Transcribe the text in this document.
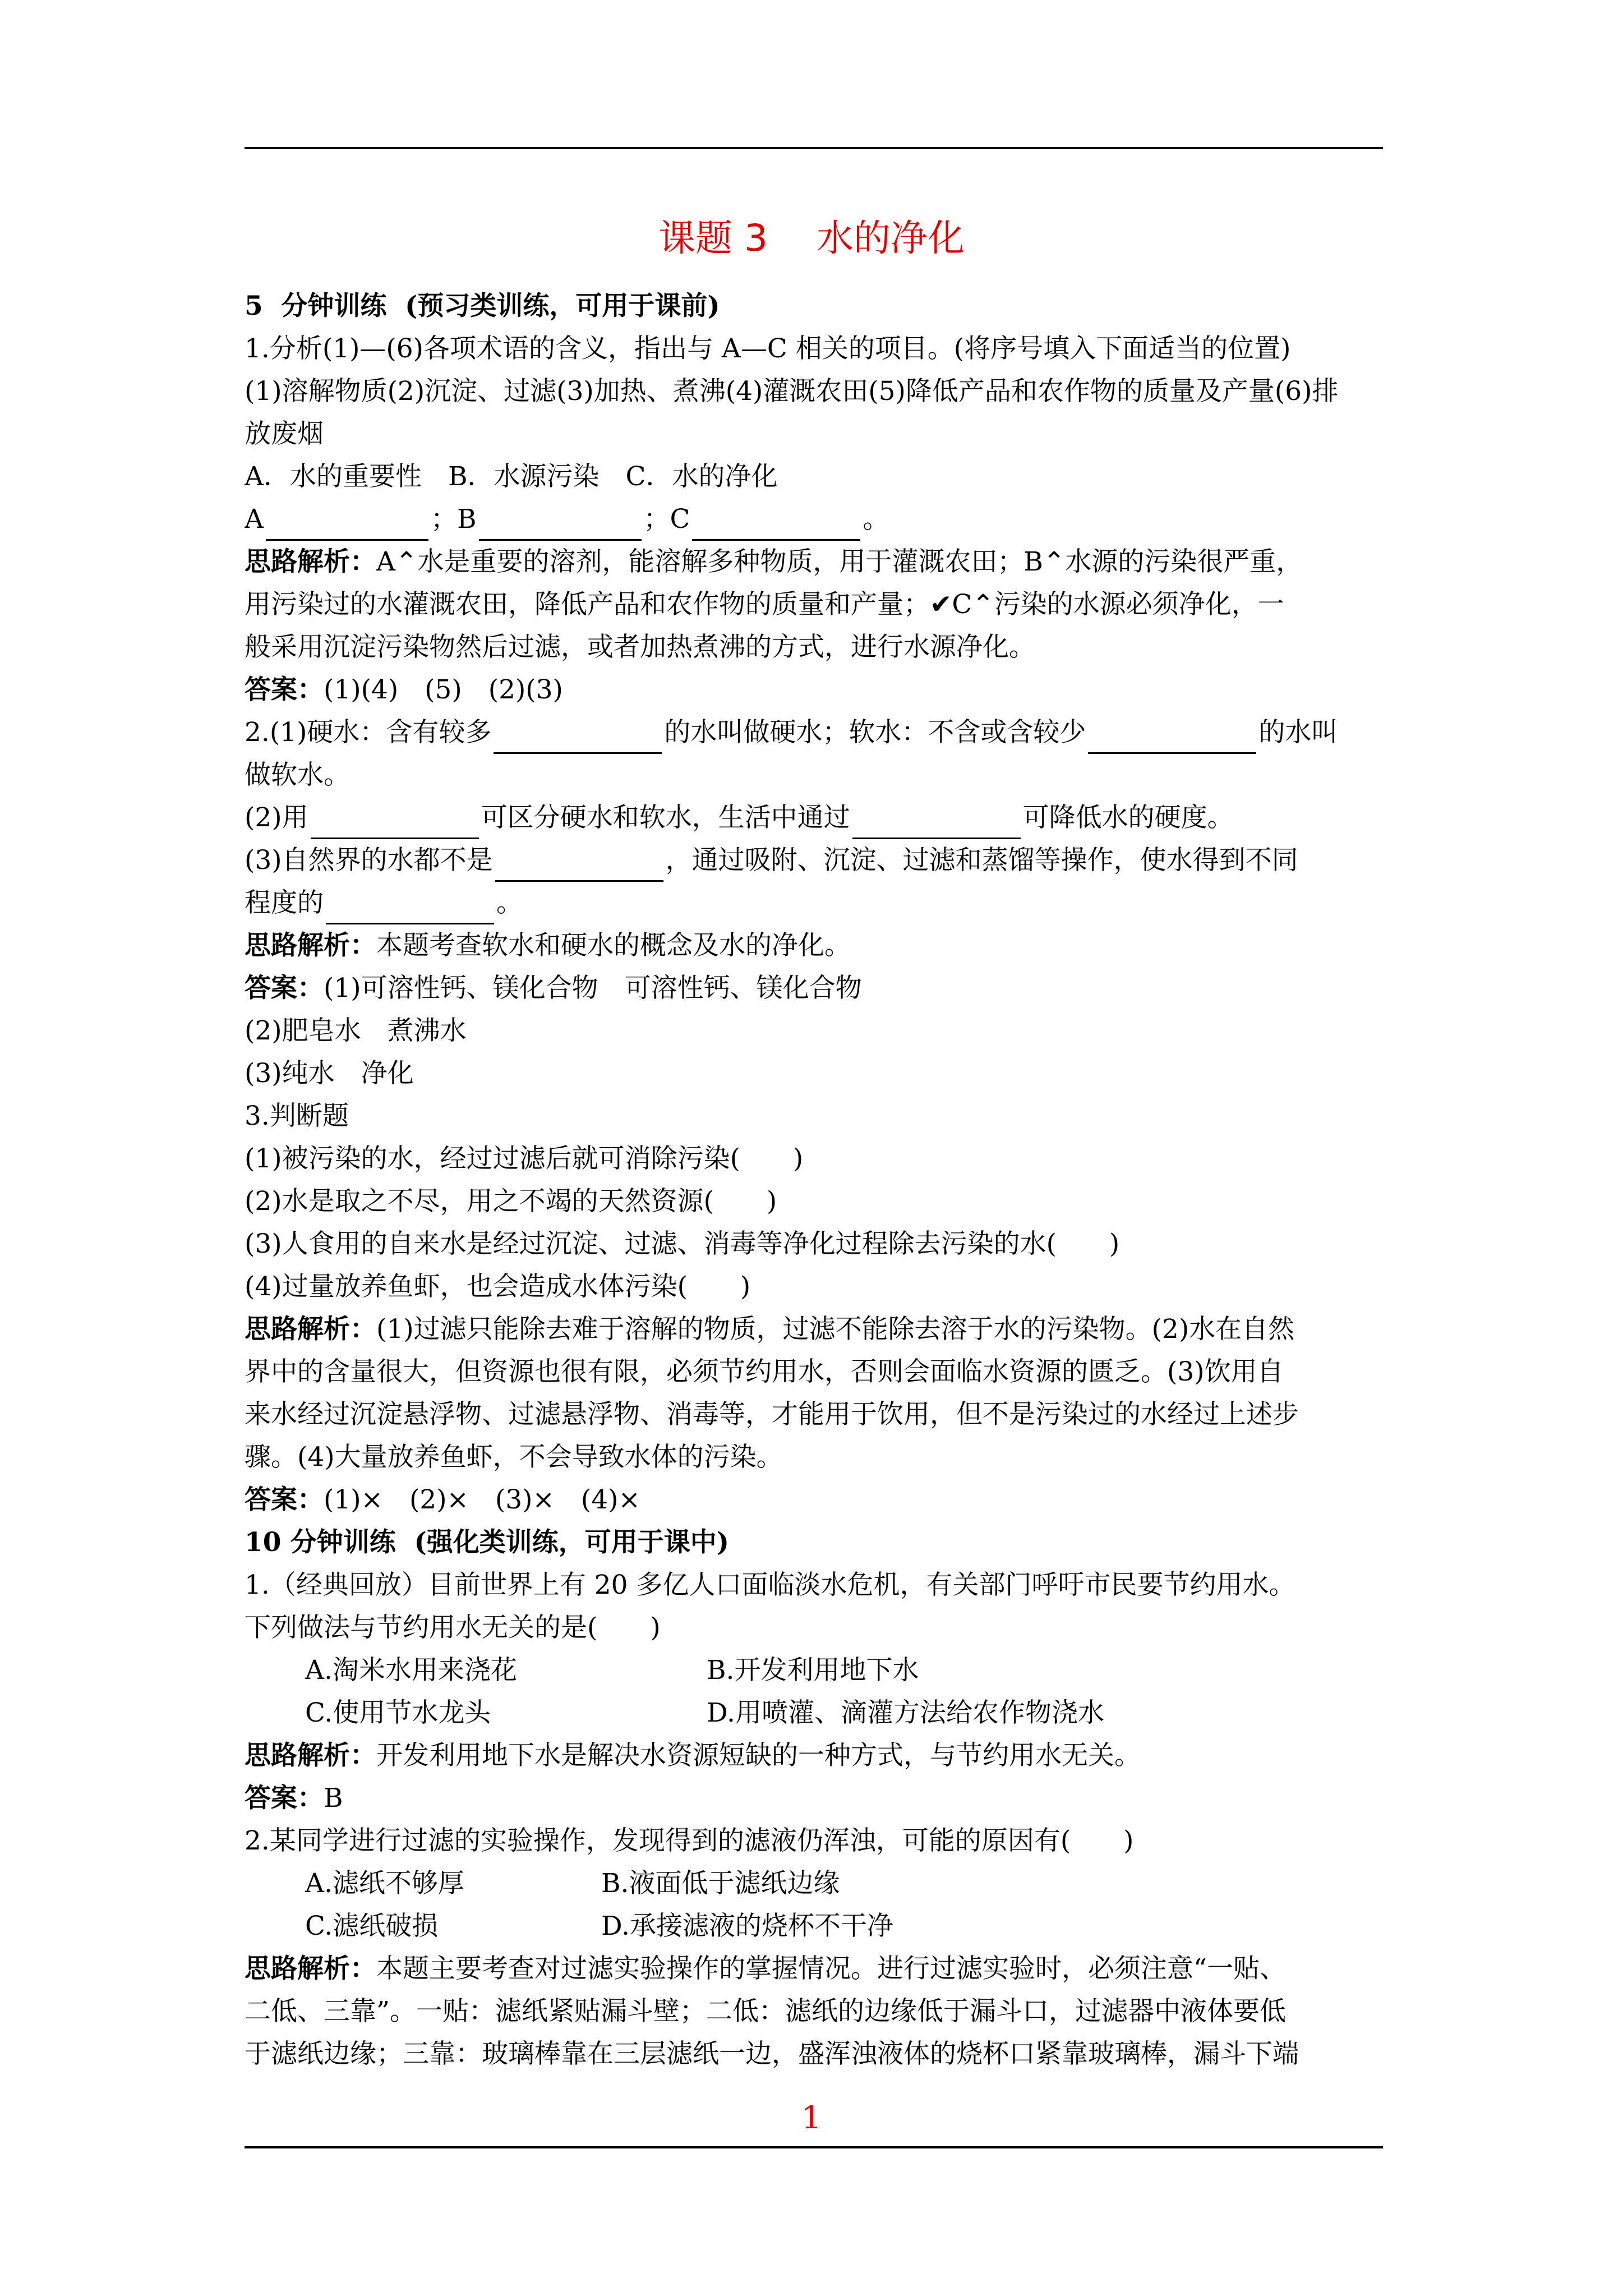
课题 3　 水的净化
5  分钟训练  (预习类训练，可用于课前)
1.分析(1)—(6)各项术语的含义，指出与 A—C 相关的项目。(将序号填入下面适当的位置)
(1)溶解物质(2)沉淀、过滤(3)加热、煮沸(4)灌溉农田(5)降低产品和农作物的质量及产量(6)排
放废烟
A．水的重要性　B．水源污染　C．水的净化
A	；B	；C	。
思路解析：A⌃水是重要的溶剂，能溶解多种物质，用于灌溉农田；B⌃水源的污染很严重，
用污染过的水灌溉农田，降低产品和农作物的质量和产量；✔C⌃污染的水源必须净化，一
般采用沉淀污染物然后过滤，或者加热煮沸的方式，进行水源净化。
答案：(1)(4)　(5)　(2)(3)
2.(1)硬水：含有较多	的水叫做硬水；软水：不含或含较少	的水叫
做软水。
(2)用	可区分硬水和软水，生活中通过	可降低水的硬度。
(3)自然界的水都不是	，通过吸附、沉淀、过滤和蒸馏等操作，使水得到不同
程度的	。
思路解析：本题考查软水和硬水的概念及水的净化。
答案：(1)可溶性钙、镁化合物　可溶性钙、镁化合物
(2)肥皂水　煮沸水
(3)纯水　净化
3.判断题
(1)被污染的水，经过过滤后就可消除污染(　　)
(2)水是取之不尽，用之不竭的天然资源(　　)
(3)人食用的自来水是经过沉淀、过滤、消毒等净化过程除去污染的水(　　)
(4)过量放养鱼虾，也会造成水体污染(　　)
思路解析：(1)过滤只能除去难于溶解的物质，过滤不能除去溶于水的污染物。(2)水在自然
界中的含量很大，但资源也很有限，必须节约用水，否则会面临水资源的匮乏。(3)饮用自
来水经过沉淀悬浮物、过滤悬浮物、消毒等，才能用于饮用，但不是污染过的水经过上述步
骤。(4)大量放养鱼虾，不会导致水体的污染。
答案：(1)×　(2)×　(3)×　(4)×
10 分钟训练  (强化类训练，可用于课中)
1.（经典回放）目前世界上有 20 多亿人口面临淡水危机，有关部门呼吁市民要节约用水。
下列做法与节约用水无关的是(　　)
A.淘米水用来浇花	B.开发利用地下水
C.使用节水龙头	D.用喷灌、滴灌方法给农作物浇水
思路解析：开发利用地下水是解决水资源短缺的一种方式，与节约用水无关。
答案：B
2.某同学进行过滤的实验操作，发现得到的滤液仍浑浊，可能的原因有(　　)
A.滤纸不够厚	B.液面低于滤纸边缘
C.滤纸破损	D.承接滤液的烧杯不干净
思路解析：本题主要考查对过滤实验操作的掌握情况。进行过滤实验时，必须注意“一贴、
二低、三靠”。一贴：滤纸紧贴漏斗壁；二低：滤纸的边缘低于漏斗口，过滤器中液体要低
于滤纸边缘；三靠：玻璃棒靠在三层滤纸一边，盛浑浊液体的烧杯口紧靠玻璃棒，漏斗下端
1
